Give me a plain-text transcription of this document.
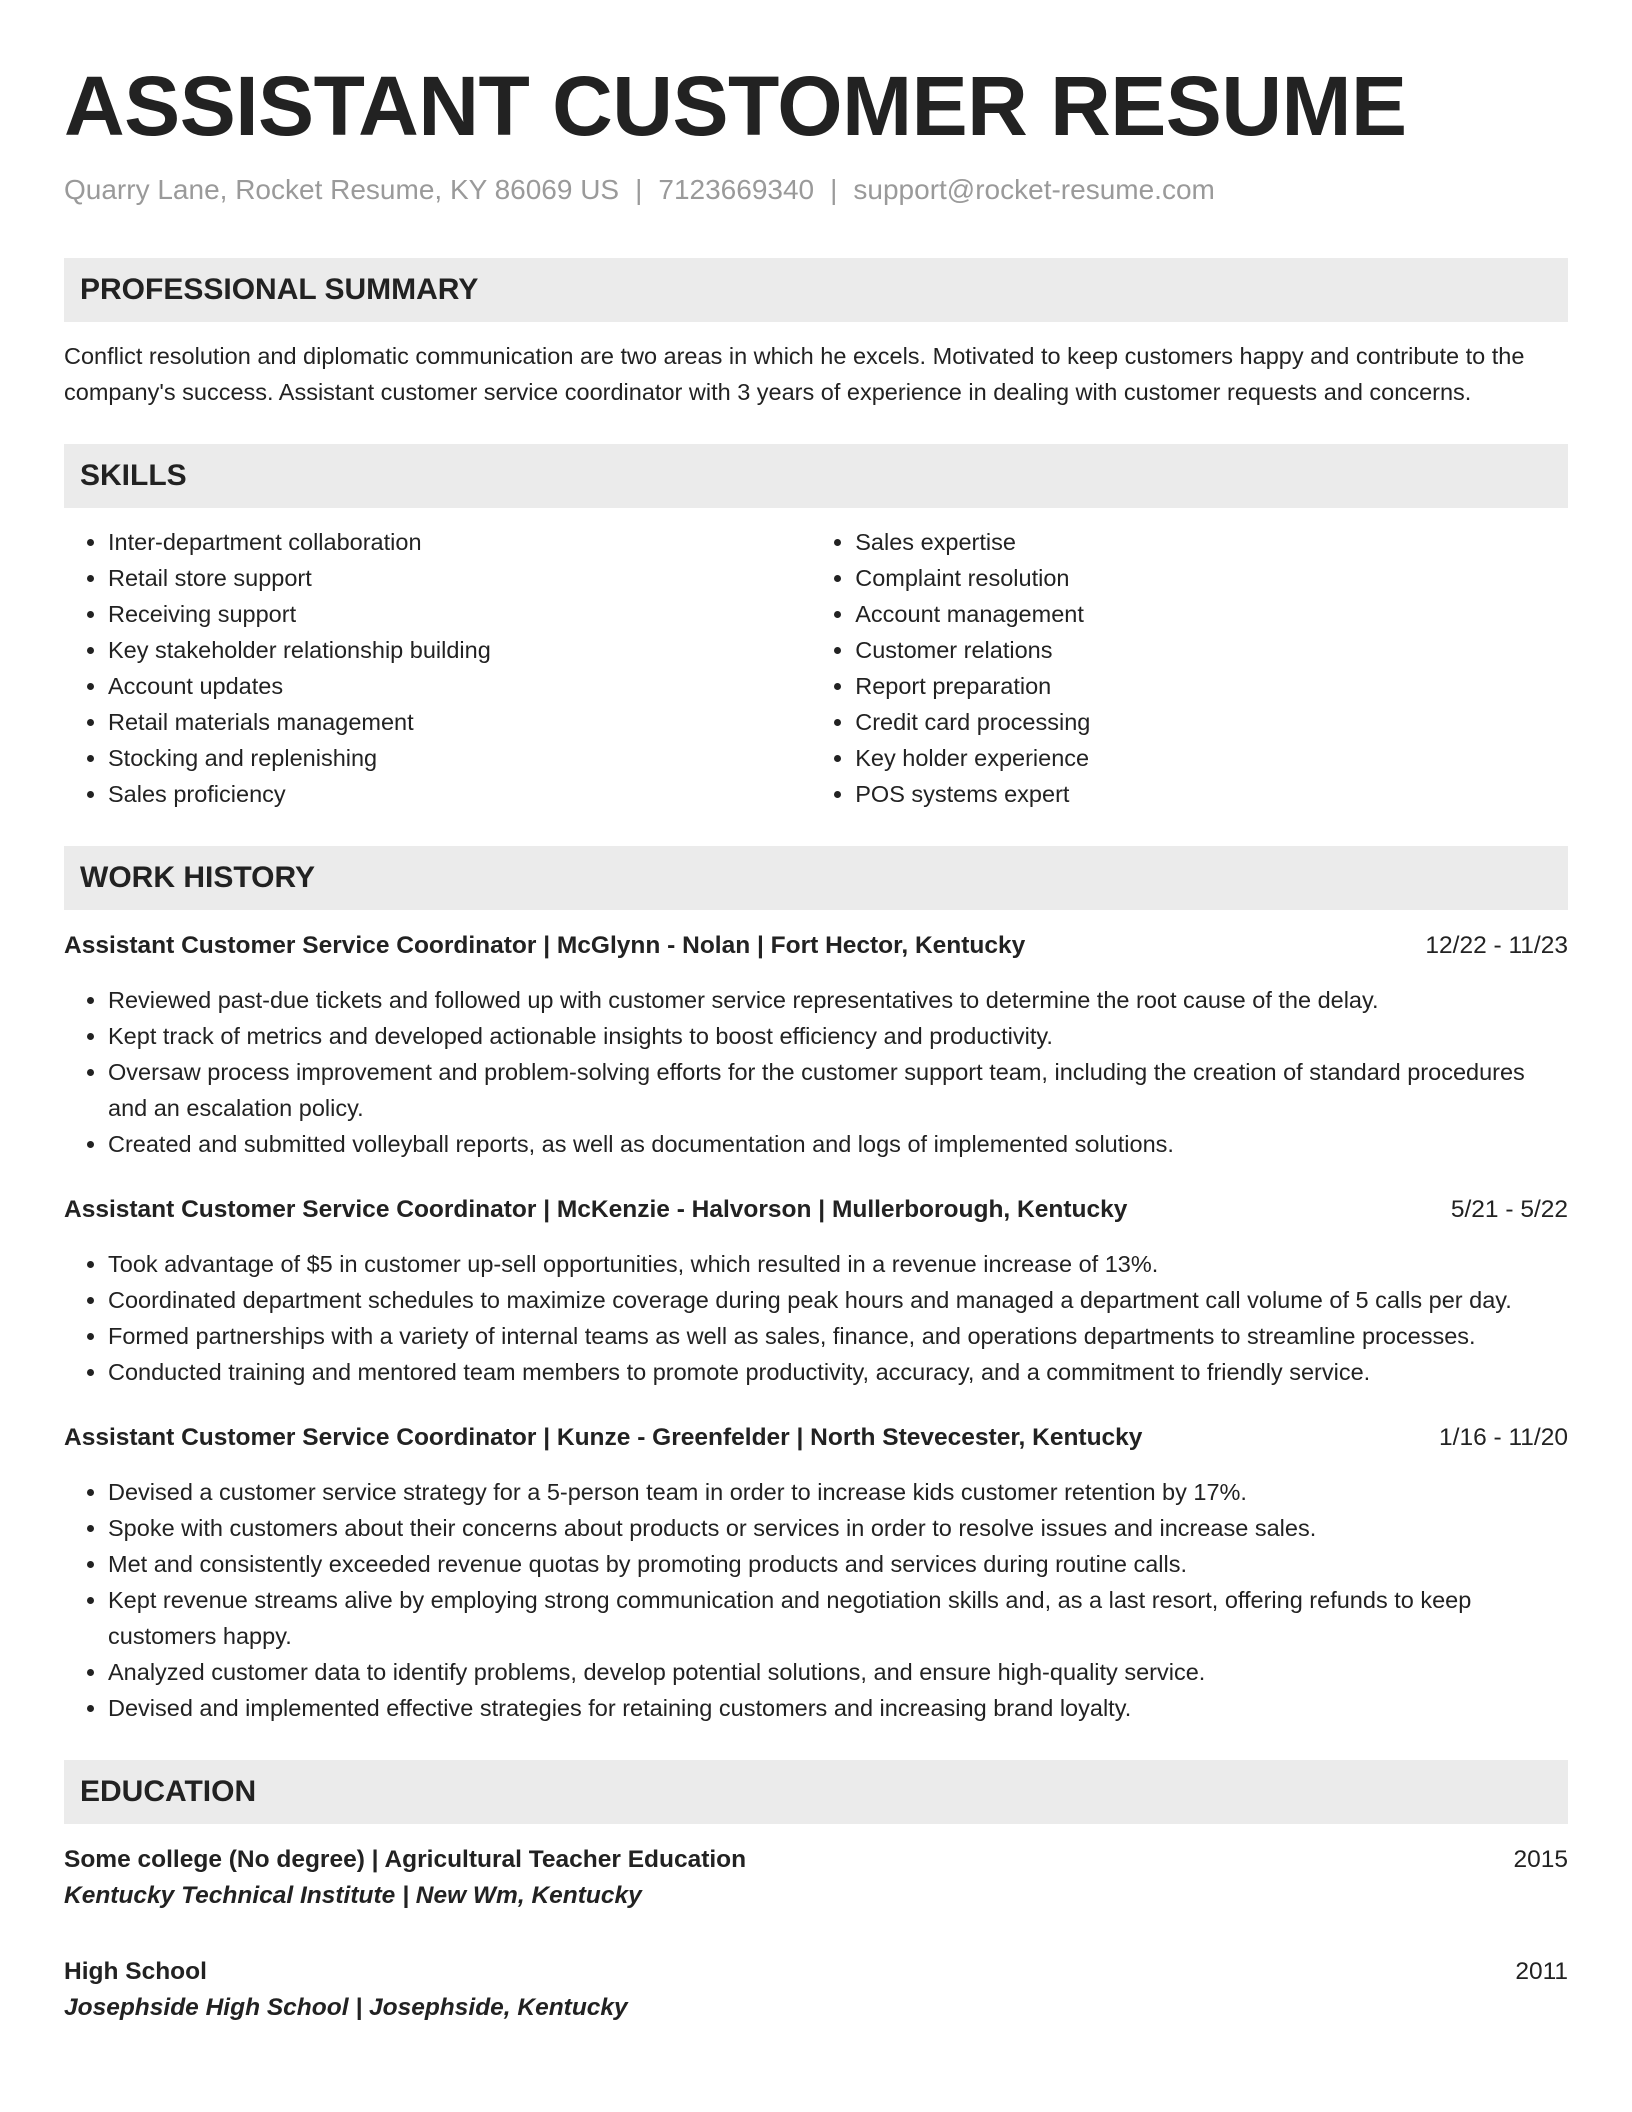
ASSISTANT CUSTOMER RESUME
Quarry Lane, Rocket Resume, KY 86069 US | 7123669340 | support@rocket-resume.com
PROFESSIONAL SUMMARY
Conflict resolution and diplomatic communication are two areas in which he excels. Motivated to keep customers happy and contribute to the company's success. Assistant customer service coordinator with 3 years of experience in dealing with customer requests and concerns.
SKILLS
• Inter-department collaboration
• Retail store support
• Receiving support
• Key stakeholder relationship building
• Account updates
• Retail materials management
• Stocking and replenishing
• Sales proficiency
• Sales expertise
• Complaint resolution
• Account management
• Customer relations
• Report preparation
• Credit card processing
• Key holder experience
• POS systems expert
WORK HISTORY
Assistant Customer Service Coordinator | McGlynn - Nolan | Fort Hector, Kentucky	12/22 - 11/23
• Reviewed past-due tickets and followed up with customer service representatives to determine the root cause of the delay.
• Kept track of metrics and developed actionable insights to boost efficiency and productivity.
• Oversaw process improvement and problem-solving efforts for the customer support team, including the creation of standard procedures and an escalation policy.
• Created and submitted volleyball reports, as well as documentation and logs of implemented solutions.
Assistant Customer Service Coordinator | McKenzie - Halvorson | Mullerborough, Kentucky	5/21 - 5/22
• Took advantage of $5 in customer up-sell opportunities, which resulted in a revenue increase of 13%.
• Coordinated department schedules to maximize coverage during peak hours and managed a department call volume of 5 calls per day.
• Formed partnerships with a variety of internal teams as well as sales, finance, and operations departments to streamline processes.
• Conducted training and mentored team members to promote productivity, accuracy, and a commitment to friendly service.
Assistant Customer Service Coordinator | Kunze - Greenfelder | North Stevecester, Kentucky	1/16 - 11/20
• Devised a customer service strategy for a 5-person team in order to increase kids customer retention by 17%.
• Spoke with customers about their concerns about products or services in order to resolve issues and increase sales.
• Met and consistently exceeded revenue quotas by promoting products and services during routine calls.
• Kept revenue streams alive by employing strong communication and negotiation skills and, as a last resort, offering refunds to keep customers happy.
• Analyzed customer data to identify problems, develop potential solutions, and ensure high-quality service.
• Devised and implemented effective strategies for retaining customers and increasing brand loyalty.
EDUCATION
Some college (No degree) | Agricultural Teacher Education	2015
Kentucky Technical Institute | New Wm, Kentucky
High School	2011
Josephside High School | Josephside, Kentucky
